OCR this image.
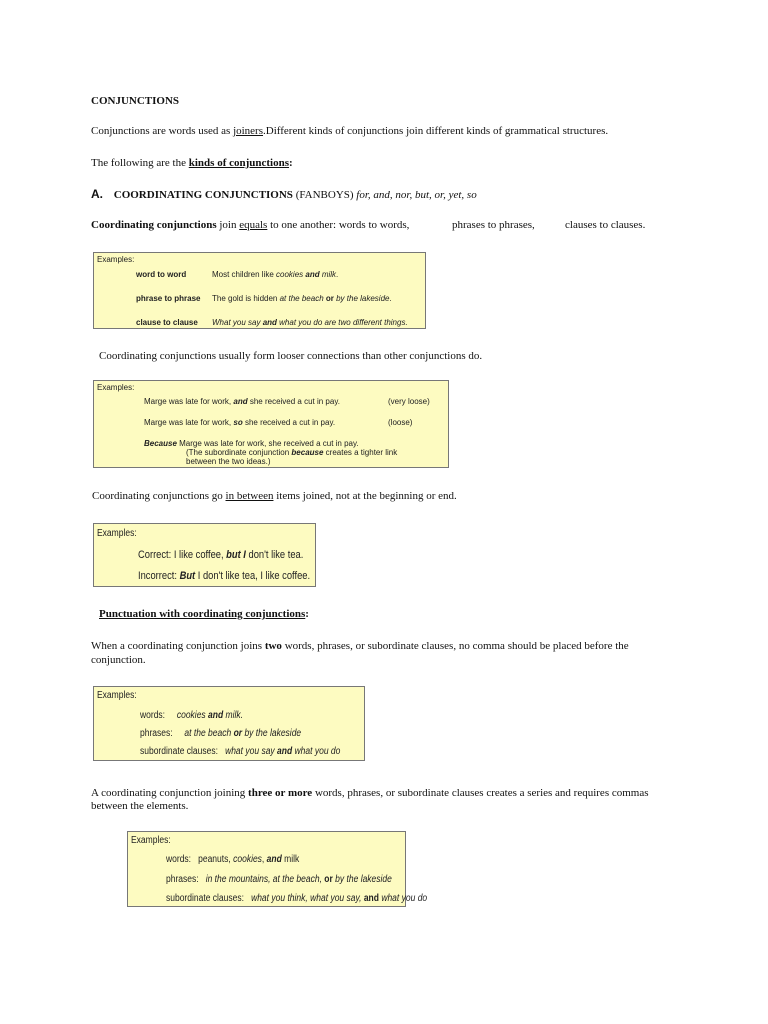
CONJUNCTIONS
Conjunctions are words used as joiners.Different kinds of conjunctions join different kinds of grammatical structures.
The following are the kinds of conjunctions:
A. COORDINATING CONJUNCTIONS (FANBOYS) for, and, nor, but, or, yet, so
Coordinating conjunctions join equals to one another: words to words,	phrases to phrases,	clauses to clauses.
Examples:
word to word	Most children like cookies and milk.
phrase to phrase The gold is hidden at the beach or by the lakeside.
clause to clause What you say and what you do are two different things.
Coordinating conjunctions usually form looser connections than other conjunctions do.
Examples:
Marge was late for work, and she received a cut in pay.	(very loose)
Marge was late for work, so she received a cut in pay.	(loose)
Because Marge was late for work, she received a cut in pay.
(The subordinate conjunction because creates a tighter link
between the two ideas.)
Coordinating conjunctions go in between items joined, not at the beginning or end.
Examples:
Correct: I like coffee, but I don't like tea.
Incorrect: But I don't like tea, I like coffee.
Punctuation with coordinating conjunctions:
When a coordinating conjunction joins two words, phrases, or subordinate clauses, no comma should be placed before the
conjunction.
Examples:
words: cookies and milk.
phrases: at the beach or by the lakeside
subordinate clauses: what you say and what you do
A coordinating conjunction joining three or more words, phrases, or subordinate clauses creates a series and requires commas
between the elements.
Examples:
words: peanuts, cookies, and milk
phrases: in the mountains, at the beach, or by the lakeside
subordinate clauses: what you think, what you say, and what you do
